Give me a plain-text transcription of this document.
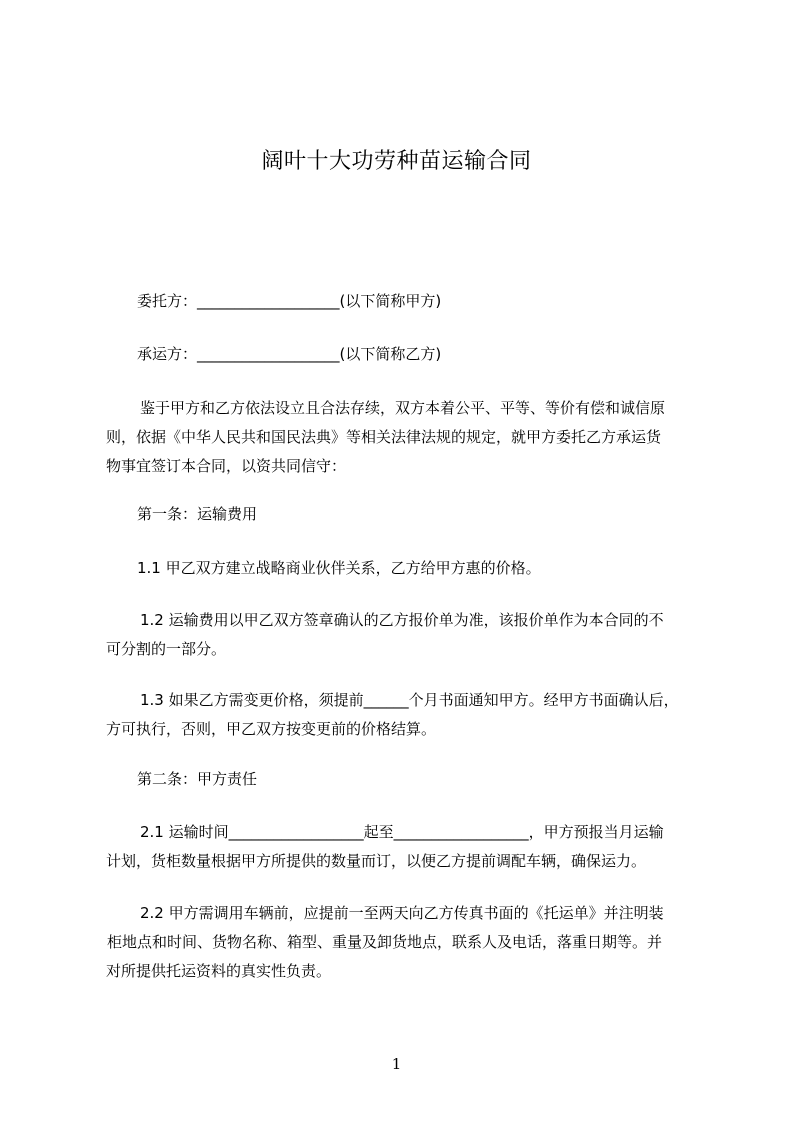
阔叶十大功劳种苗运输合同
委托方：___________________(以下简称甲方)
承运方：___________________(以下简称乙方)
鉴于甲方和乙方依法设立且合法存续，双方本着公平、平等、等价有偿和诚信原
则，依据《中华人民共和国民法典》等相关法律法规的规定，就甲方委托乙方承运货
物事宜签订本合同，以资共同信守：
第一条：运输费用
1.1 甲乙双方建立战略商业伙伴关系，乙方给甲方惠的价格。
1.2 运输费用以甲乙双方签章确认的乙方报价单为准，该报价单作为本合同的不
可分割的一部分。
1.3 如果乙方需变更价格，须提前______个月书面通知甲方。经甲方书面确认后，
方可执行，否则，甲乙双方按变更前的价格结算。
第二条：甲方责任
2.1 运输时间__________________起至__________________，甲方预报当月运输
计划，货柜数量根据甲方所提供的数量而订，以便乙方提前调配车辆，确保运力。
2.2 甲方需调用车辆前，应提前一至两天向乙方传真书面的《托运单》并注明装
柜地点和时间、货物名称、箱型、重量及卸货地点，联系人及电话，落重日期等。并
对所提供托运资料的真实性负责。
1
